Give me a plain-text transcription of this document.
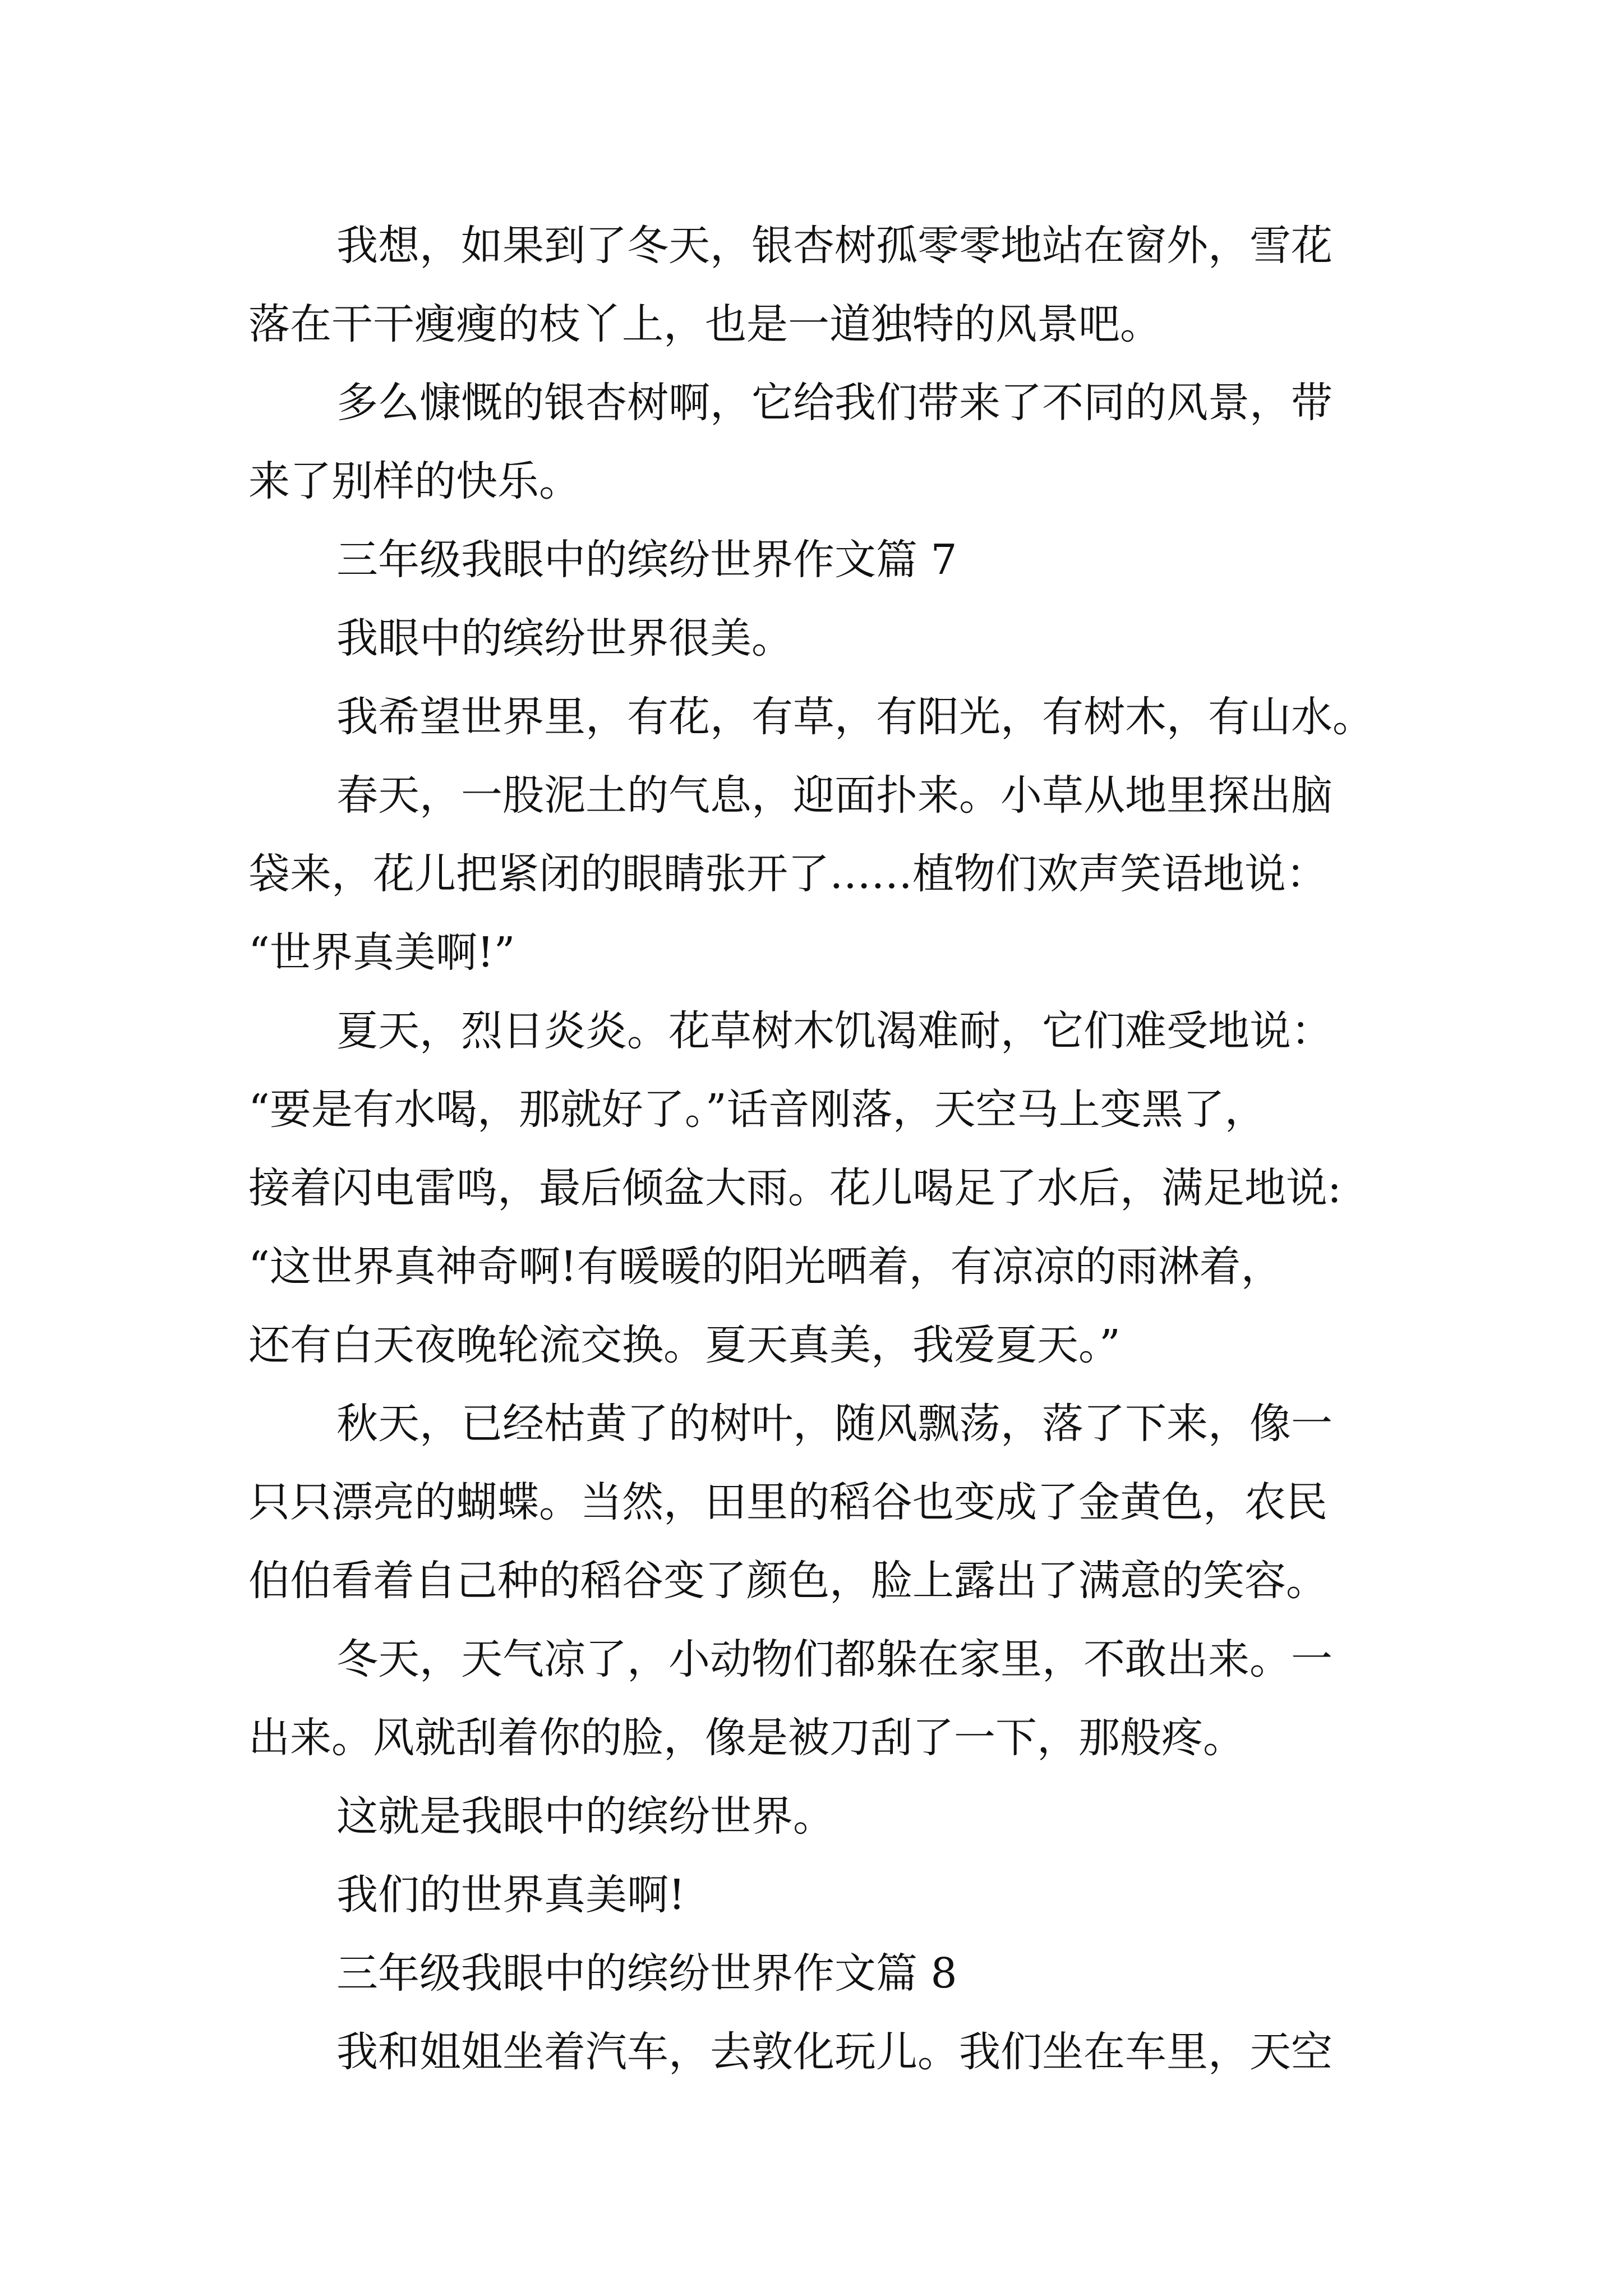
我想，如果到了冬天，银杏树孤零零地站在窗外，雪花

落在干干瘦瘦的枝丫上，也是一道独特的风景吧。

多么慷慨的银杏树啊，它给我们带来了不同的风景，带

来了别样的快乐。

三年级我眼中的缤纷世界作文篇 7

我眼中的缤纷世界很美。

我希望世界里，有花，有草，有阳光，有树木，有山水。

春天，一股泥土的气息，迎面扑来。小草从地里探出脑

袋来，花儿把紧闭的眼睛张开了……植物们欢声笑语地说：

“世界真美啊!”

夏天，烈日炎炎。花草树木饥渴难耐，它们难受地说：

“要是有水喝，那就好了。”话音刚落，天空马上变黑了，

接着闪电雷鸣，最后倾盆大雨。花儿喝足了水后，满足地说:

“这世界真神奇啊!有暖暖的阳光晒着，有凉凉的雨淋着，

还有白天夜晚轮流交换。夏天真美，我爱夏天。”

秋天，已经枯黄了的树叶，随风飘荡，落了下来，像一

只只漂亮的蝴蝶。当然，田里的稻谷也变成了金黄色，农民

伯伯看着自己种的稻谷变了颜色，脸上露出了满意的笑容。

冬天，天气凉了，小动物们都躲在家里，不敢出来。一

出来。风就刮着你的脸，像是被刀刮了一下，那般疼。

这就是我眼中的缤纷世界。

我们的世界真美啊!

三年级我眼中的缤纷世界作文篇 8

我和姐姐坐着汽车，去敦化玩儿。我们坐在车里，天空
